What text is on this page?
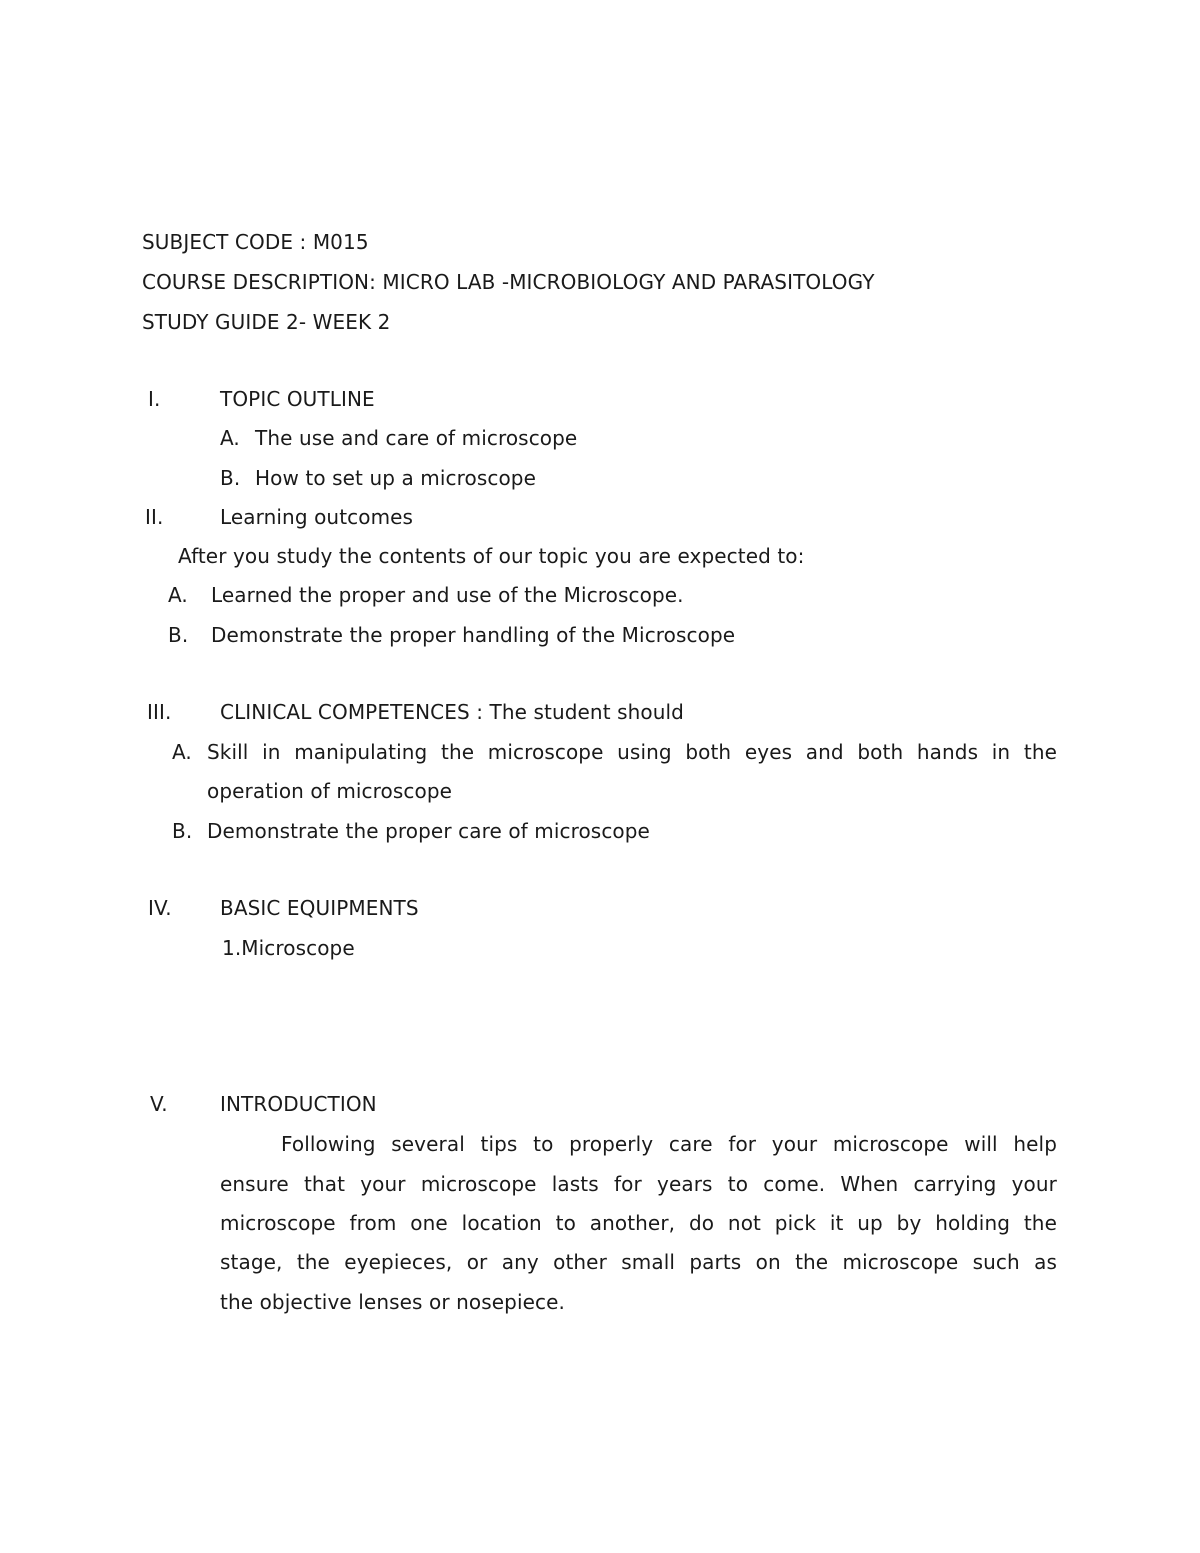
SUBJECT CODE : M015
COURSE DESCRIPTION: MICRO LAB -MICROBIOLOGY AND PARASITOLOGY
STUDY GUIDE 2- WEEK 2
I.	TOPIC OUTLINE
A. The use and care of microscope
B. How to set up a microscope
II.	Learning outcomes
After you study the contents of our topic you are expected to:
A. Learned the proper and use of the Microscope.
B. Demonstrate the proper handling of the Microscope
III. CLINICAL COMPETENCES : The student should
A. Skill in manipulating the microscope using both eyes and both hands in the
operation of microscope
B. Demonstrate the proper care of microscope
IV. BASIC EQUIPMENTS
1.Microscope
V.	INTRODUCTION
Following several tips to properly care for your microscope will help
ensure that your microscope lasts for years to come. When carrying your
microscope from one location to another, do not pick it up by holding the
stage, the eyepieces, or any other small parts on the microscope such as
the objective lenses or nosepiece.
